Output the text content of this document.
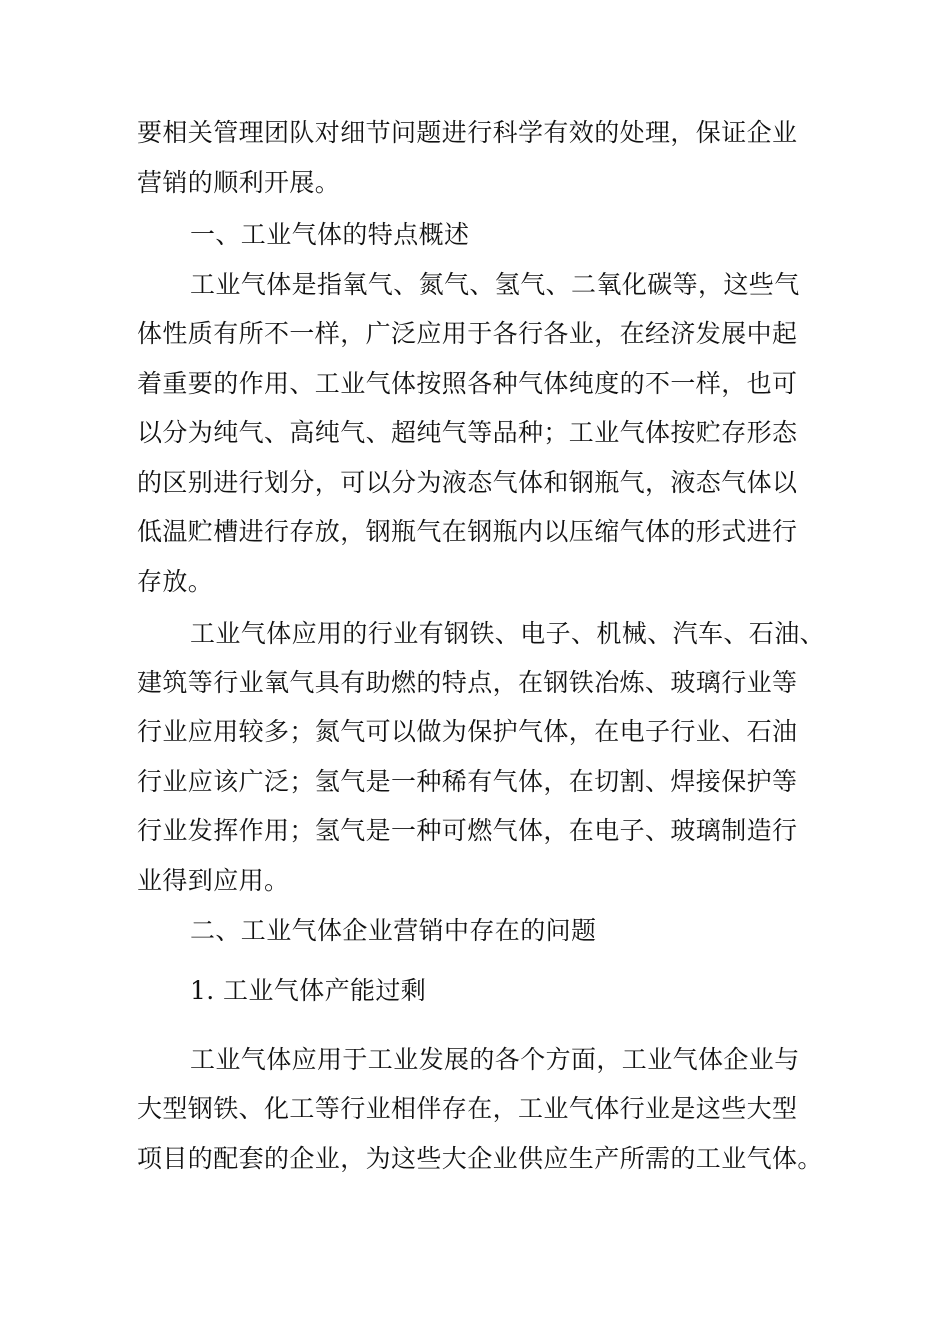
要相关管理团队对细节问题进行科学有效的处理，保证企业
营销的顺利开展。
一、工业气体的特点概述
工业气体是指氧气、氮气、氢气、二氧化碳等，这些气
体性质有所不一样，广泛应用于各行各业，在经济发展中起
着重要的作用、工业气体按照各种气体纯度的不一样，也可
以分为纯气、高纯气、超纯气等品种；工业气体按贮存形态
的区别进行划分，可以分为液态气体和钢瓶气，液态气体以
低温贮槽进行存放，钢瓶气在钢瓶内以压缩气体的形式进行
存放。
工业气体应用的行业有钢铁、电子、机械、汽车、石油、
建筑等行业氧气具有助燃的特点，在钢铁冶炼、玻璃行业等
行业应用较多；氮气可以做为保护气体，在电子行业、石油
行业应该广泛；氢气是一种稀有气体，在切割、焊接保护等
行业发挥作用；氢气是一种可燃气体，在电子、玻璃制造行
业得到应用。
二、工业气体企业营销中存在的问题
1. 工业气体产能过剩
工业气体应用于工业发展的各个方面，工业气体企业与
大型钢铁、化工等行业相伴存在，工业气体行业是这些大型
项目的配套的企业，为这些大企业供应生产所需的工业气体。
